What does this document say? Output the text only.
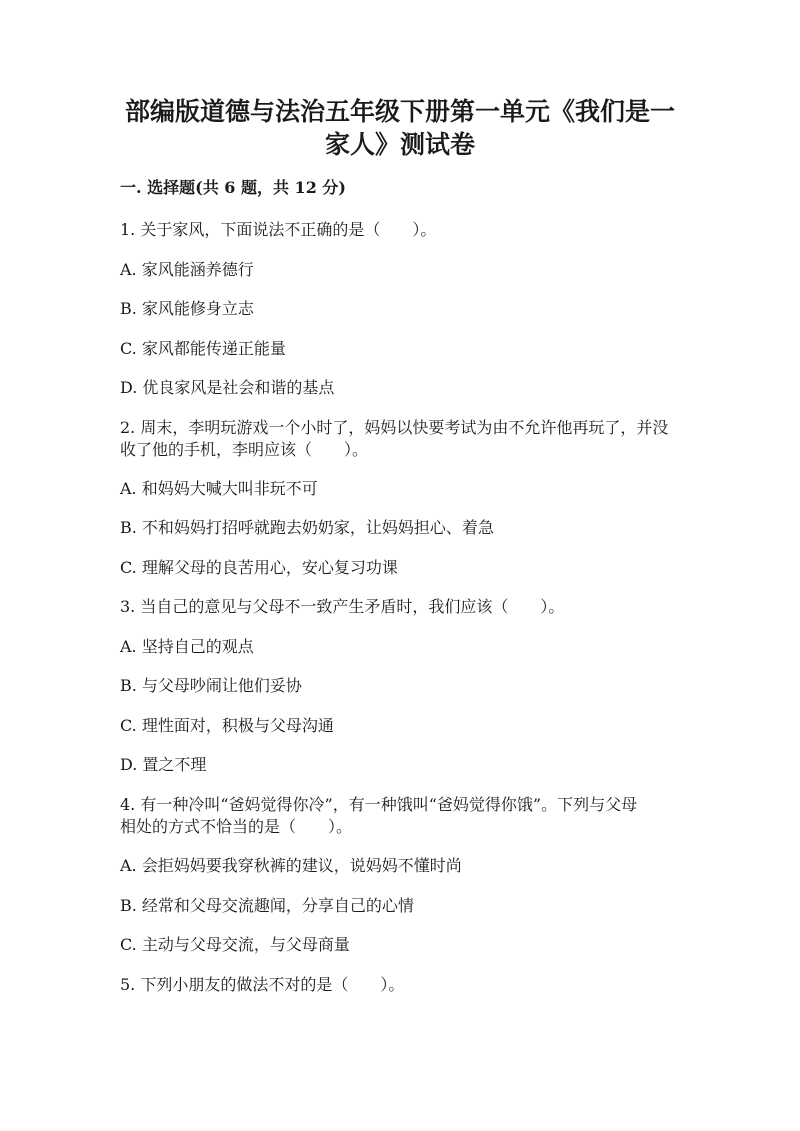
部编版道德与法治五年级下册第一单元《我们是一
家人》测试卷
一. 选择题(共 6 题，共 12 分)

1. 关于家风，下面说法不正确的是（　　）。

A. 家风能涵养德行

B. 家风能修身立志

C. 家风都能传递正能量

D. 优良家风是社会和谐的基点

2. 周末，李明玩游戏一个小时了，妈妈以快要考试为由不允许他再玩了，并没

收了他的手机，李明应该（　　）。

A. 和妈妈大喊大叫非玩不可

B. 不和妈妈打招呼就跑去奶奶家，让妈妈担心、着急

C. 理解父母的良苦用心，安心复习功课

3. 当自己的意见与父母不一致产生矛盾时，我们应该（　　）。

A. 坚持自己的观点

B. 与父母吵闹让他们妥协

C. 理性面对，积极与父母沟通

D. 置之不理

4. 有一种冷叫“爸妈觉得你冷”，有一种饿叫“爸妈觉得你饿”。下列与父母

相处的方式不恰当的是（　　）。

A. 会拒妈妈要我穿秋裤的建议，说妈妈不懂时尚

B. 经常和父母交流趣闻，分享自己的心情

C. 主动与父母交流，与父母商量

5. 下列小朋友的做法不对的是（　　）。
